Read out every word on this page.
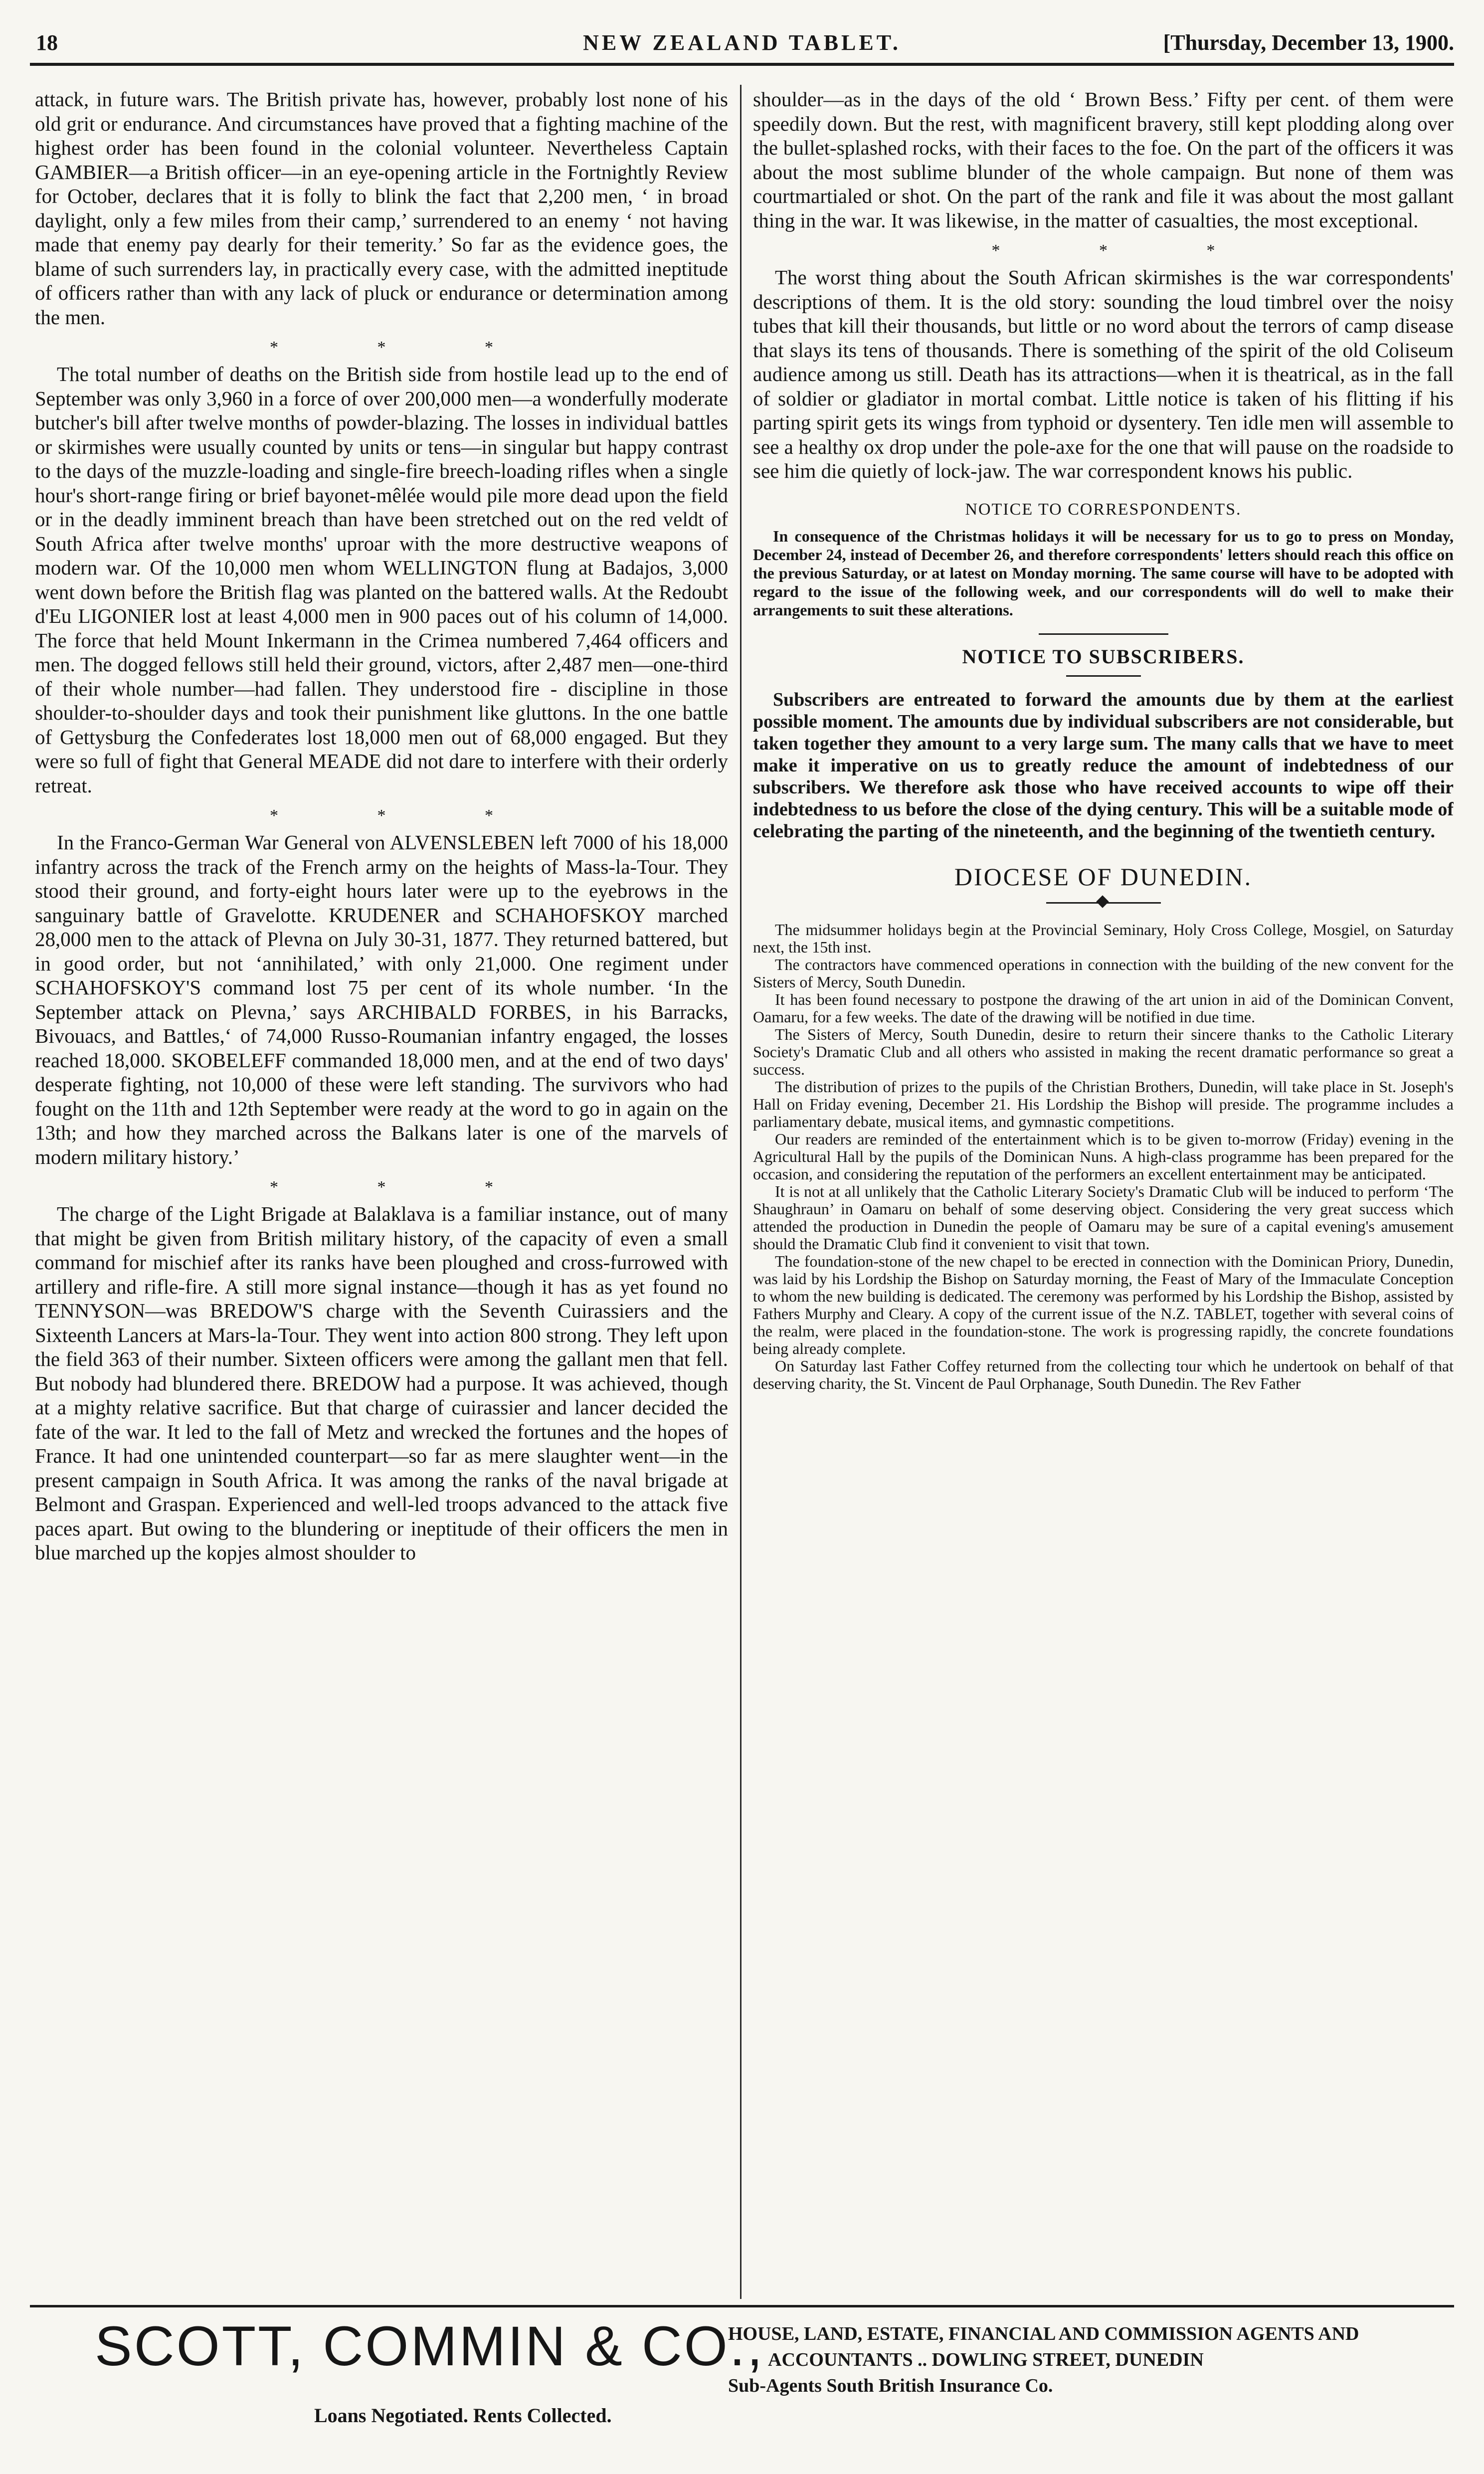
18	NEW ZEALAND TABLET.	[Thursday, December 13, 1900.

attack, in future wars. The British private has, however, probably lost none of his old grit or endurance. And circumstances have proved that a fighting machine of the highest order has been found in the colonial volunteer. Nevertheless Captain GAMBIER—a British officer—in an eye-opening article in the Fortnightly Review for October, declares that it is folly to blink the fact that 2,200 men, ‘ in broad daylight, only a few miles from their camp,’ surrendered to an enemy ‘ not having made that enemy pay dearly for their temerity.’ So far as the evidence goes, the blame of such surrenders lay, in practically every case, with the admitted ineptitude of officers rather than with any lack of pluck or endurance or determination among the men.

* * *

The total number of deaths on the British side from hostile lead up to the end of September was only 3,960 in a force of over 200,000 men—a wonderfully moderate butcher's bill after twelve months of powder-blazing. The losses in individual battles or skirmishes were usually counted by units or tens—in singular but happy contrast to the days of the muzzle-loading and single-fire breech-loading rifles when a single hour's short-range firing or brief bayonet-mêlée would pile more dead upon the field or in the deadly imminent breach than have been stretched out on the red veldt of South Africa after twelve months' uproar with the more destructive weapons of modern war. Of the 10,000 men whom WELLINGTON flung at Badajos, 3,000 went down before the British flag was planted on the battered walls. At the Redoubt d'Eu LIGONIER lost at least 4,000 men in 900 paces out of his column of 14,000. The force that held Mount Inkermann in the Crimea numbered 7,464 officers and men. The dogged fellows still held their ground, victors, after 2,487 men—one-third of their whole number—had fallen. They understood fire - discipline in those shoulder-to-shoulder days and took their punishment like gluttons. In the one battle of Gettysburg the Confederates lost 18,000 men out of 68,000 engaged. But they were so full of fight that General MEADE did not dare to interfere with their orderly retreat.

* * *

In the Franco-German War General von ALVENSLEBEN left 7000 of his 18,000 infantry across the track of the French army on the heights of Mass-la-Tour. They stood their ground, and forty-eight hours later were up to the eyebrows in the sanguinary battle of Gravelotte. KRUDENER and SCHAHOFSKOY marched 28,000 men to the attack of Plevna on July 30-31, 1877. They returned battered, but in good order, but not ‘annihilated,’ with only 21,000. One regiment under SCHAHOFSKOY'S command lost 75 per cent of its whole number. ‘In the September attack on Plevna,’ says ARCHIBALD FORBES, in his Barracks, Bivouacs, and Battles,‘ of 74,000 Russo-Roumanian infantry engaged, the losses reached 18,000. SKOBELEFF commanded 18,000 men, and at the end of two days' desperate fighting, not 10,000 of these were left standing. The survivors who had fought on the 11th and 12th September were ready at the word to go in again on the 13th; and how they marched across the Balkans later is one of the marvels of modern military history.’

* * *

The charge of the Light Brigade at Balaklava is a familiar instance, out of many that might be given from British military history, of the capacity of even a small command for mischief after its ranks have been ploughed and cross-furrowed with artillery and rifle-fire. A still more signal instance—though it has as yet found no TENNYSON—was BREDOW'S charge with the Seventh Cuirassiers and the Sixteenth Lancers at Mars-la-Tour. They went into action 800 strong. They left upon the field 363 of their number. Sixteen officers were among the gallant men that fell. But nobody had blundered there. BREDOW had a purpose. It was achieved, though at a mighty relative sacrifice. But that charge of cuirassier and lancer decided the fate of the war. It led to the fall of Metz and wrecked the fortunes and the hopes of France. It had one unintended counterpart—so far as mere slaughter went—in the present campaign in South Africa. It was among the ranks of the naval brigade at Belmont and Graspan. Experienced and well-led troops advanced to the attack five paces apart. But owing to the blundering or ineptitude of their officers the men in blue marched up the kopjes almost shoulder to

shoulder—as in the days of the old ‘ Brown Bess.’ Fifty per cent. of them were speedily down. But the rest, with magnificent bravery, still kept plodding along over the bullet-splashed rocks, with their faces to the foe. On the part of the officers it was about the most sublime blunder of the whole campaign. But none of them was courtmartialed or shot. On the part of the rank and file it was about the most gallant thing in the war. It was likewise, in the matter of casualties, the most exceptional.

* * *

The worst thing about the South African skirmishes is the war correspondents' descriptions of them. It is the old story: sounding the loud timbrel over the noisy tubes that kill their thousands, but little or no word about the terrors of camp disease that slays its tens of thousands. There is something of the spirit of the old Coliseum audience among us still. Death has its attractions—when it is theatrical, as in the fall of soldier or gladiator in mortal combat. Little notice is taken of his flitting if his parting spirit gets its wings from typhoid or dysentery. Ten idle men will assemble to see a healthy ox drop under the pole-axe for the one that will pause on the roadside to see him die quietly of lock-jaw. The war correspondent knows his public.

NOTICE TO CORRESPONDENTS.

In consequence of the Christmas holidays it will be necessary for us to go to press on Monday, December 24, instead of December 26, and therefore correspondents' letters should reach this office on the previous Saturday, or at latest on Monday morning. The same course will have to be adopted with regard to the issue of the following week, and our correspondents will do well to make their arrangements to suit these alterations.

NOTICE TO SUBSCRIBERS.

Subscribers are entreated to forward the amounts due by them at the earliest possible moment. The amounts due by individual subscribers are not considerable, but taken together they amount to a very large sum. The many calls that we have to meet make it imperative on us to greatly reduce the amount of indebtedness of our subscribers. We therefore ask those who have received accounts to wipe off their indebtedness to us before the close of the dying century. This will be a suitable mode of celebrating the parting of the nineteenth, and the beginning of the twentieth century.

DIOCESE OF DUNEDIN.

The midsummer holidays begin at the Provincial Seminary, Holy Cross College, Mosgiel, on Saturday next, the 15th inst.

The contractors have commenced operations in connection with the building of the new convent for the Sisters of Mercy, South Dunedin.

It has been found necessary to postpone the drawing of the art union in aid of the Dominican Convent, Oamaru, for a few weeks. The date of the drawing will be notified in due time.

The Sisters of Mercy, South Dunedin, desire to return their sincere thanks to the Catholic Literary Society's Dramatic Club and all others who assisted in making the recent dramatic performance so great a success.

The distribution of prizes to the pupils of the Christian Brothers, Dunedin, will take place in St. Joseph's Hall on Friday evening, December 21. His Lordship the Bishop will preside. The programme includes a parliamentary debate, musical items, and gymnastic competitions.

Our readers are reminded of the entertainment which is to be given to-morrow (Friday) evening in the Agricultural Hall by the pupils of the Dominican Nuns. A high-class programme has been prepared for the occasion, and considering the reputation of the performers an excellent entertainment may be anticipated.

It is not at all unlikely that the Catholic Literary Society's Dramatic Club will be induced to perform ‘The Shaughraun’ in Oamaru on behalf of some deserving object. Considering the very great success which attended the production in Dunedin the people of Oamaru may be sure of a capital evening's amusement should the Dramatic Club find it convenient to visit that town.

The foundation-stone of the new chapel to be erected in connection with the Dominican Priory, Dunedin, was laid by his Lordship the Bishop on Saturday morning, the Feast of Mary of the Immaculate Conception to whom the new building is dedicated. The ceremony was performed by his Lordship the Bishop, assisted by Fathers Murphy and Cleary. A copy of the current issue of the N.Z. TABLET, together with several coins of the realm, were placed in the foundation-stone. The work is progressing rapidly, the concrete foundations being already complete.

On Saturday last Father Coffey returned from the collecting tour which he undertook on behalf of that deserving charity, the St. Vincent de Paul Orphanage, South Dunedin. The Rev Father

SCOTT, COMMIN & CO.,
Loans Negotiated. Rents Collected.
HOUSE, LAND, ESTATE, FINANCIAL AND COMMISSION AGENTS AND
ACCOUNTANTS .. DOWLING STREET, DUNEDIN
Sub-Agents South British Insurance Co.
